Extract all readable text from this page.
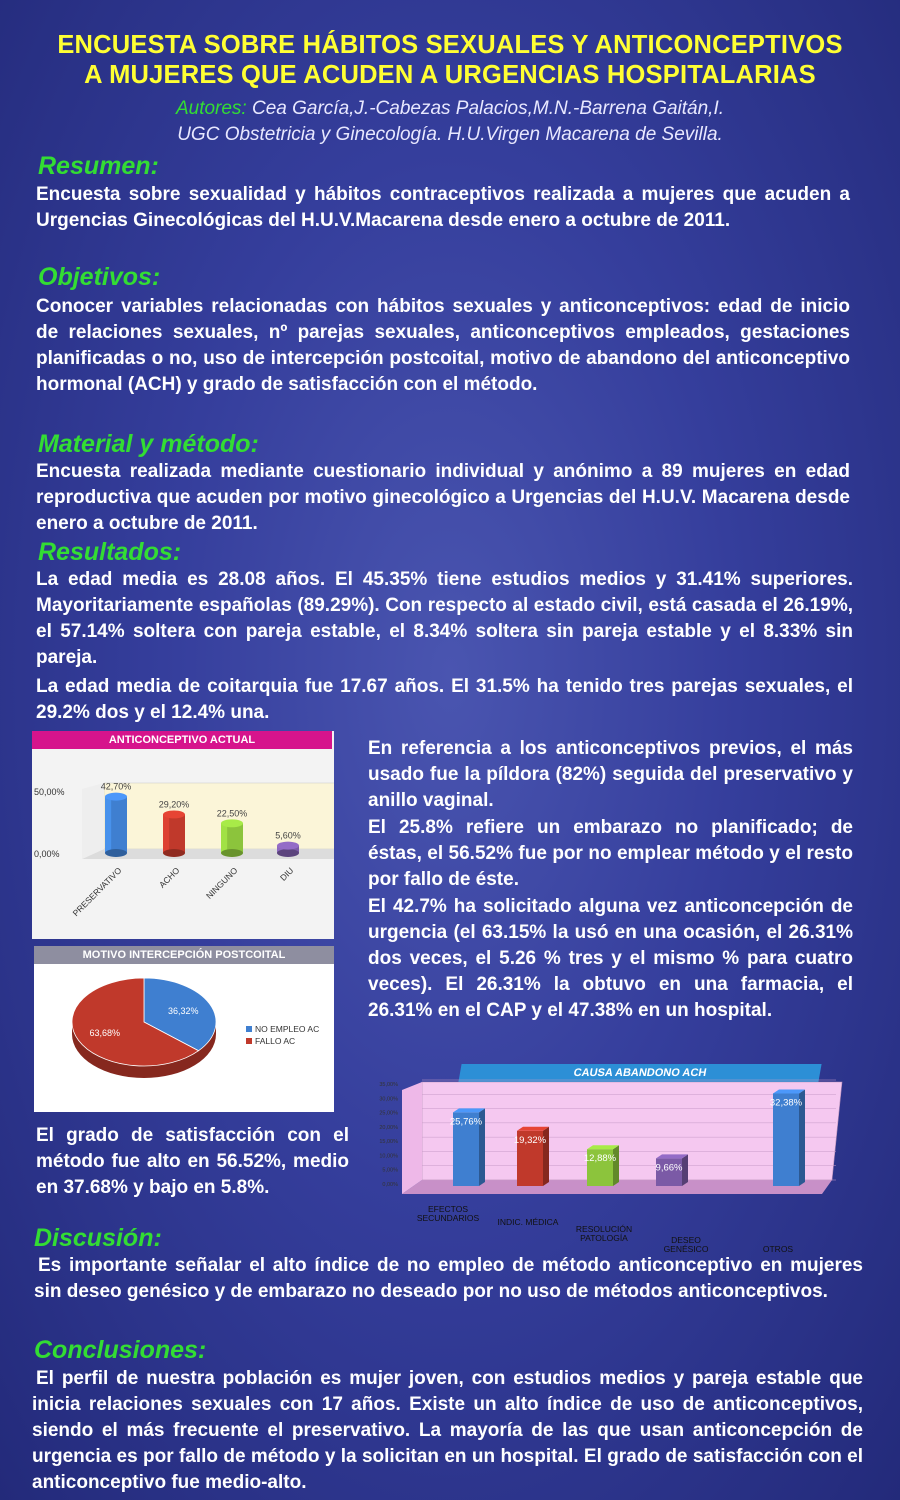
ENCUESTA SOBRE HÁBITOS SEXUALES Y ANTICONCEPTIVOS
A MUJERES QUE ACUDEN A URGENCIAS HOSPITALARIAS
Autores: Cea García,J.-Cabezas Palacios,M.N.-Barrena Gaitán,I.
UGC Obstetricia y Ginecología. H.U.Virgen Macarena de Sevilla.
Resumen:
Encuesta sobre sexualidad y hábitos contraceptivos realizada a mujeres que acuden a Urgencias Ginecológicas del H.U.V.Macarena desde enero a octubre de 2011.
Objetivos:
Conocer variables relacionadas con hábitos sexuales y anticonceptivos: edad de inicio de relaciones sexuales, nº parejas sexuales, anticonceptivos empleados, gestaciones planificadas o no, uso de intercepción postcoital, motivo de abandono del anticonceptivo hormonal (ACH) y grado de satisfacción con el método.
Material y método:
Encuesta realizada mediante cuestionario individual y anónimo a 89 mujeres en edad reproductiva que acuden por motivo ginecológico a Urgencias del H.U.V. Macarena desde enero a octubre de 2011.
Resultados:
La edad media es 28.08 años. El 45.35% tiene estudios medios y 31.41% superiores. Mayoritariamente españolas (89.29%). Con respecto al estado civil, está casada el 26.19%, el 57.14% soltera con pareja estable, el 8.34% soltera sin pareja estable y el 8.33% sin pareja.
La edad media de coitarquia fue 17.67 años. El 31.5% ha tenido tres parejas sexuales, el 29.2% dos y el 12.4% una.
ANTICONCEPTIVO ACTUAL
0,00%
50,00%
42,70%
PRESERVATIVO
29,20%
ACHO
22,50%
NINGUNO
5,60%
DIU
MOTIVO INTERCEPCIÓN POSTCOITAL
36,32%
63,68%	NO EMPLEO AC
FALLO AC
En referencia a los anticonceptivos previos, el más usado fue la píldora (82%) seguida del preservativo y anillo vaginal.
El 25.8% refiere un embarazo no planificado; de éstas, el 56.52% fue por no emplear método y el resto por fallo de éste.
El 42.7% ha solicitado alguna vez anticoncepción de urgencia (el 63.15% la usó en una ocasión, el 26.31% dos veces, el 5.26 % tres y el mismo % para cuatro veces). El 26.31% la obtuvo en una farmacia, el 26.31% en el CAP y el 47.38% en un hospital.
El grado de satisfacción con el método fue alto en 56.52%, medio en 37.68% y bajo en 5.8%.
CAUSA ABANDONO ACH
0,00%
5,00%
10,00%
15,00%
20,00%
25,00%
30,00%
35,00%
25,76%
19,32%
12,88%
9,66%
32,38%
EFECTOS SECUNDARIOS INDIC. MÉDICA
RESOLUCIÓN PATOLOGÍA	DESEO GENÉSICO	OTROS
Discusión:
Es importante señalar el alto índice de no empleo de método anticonceptivo en mujeres sin deseo genésico y de embarazo no deseado por no uso de métodos anticonceptivos.
Conclusiones:
El perfil de nuestra población es mujer joven, con estudios medios y pareja estable que inicia relaciones sexuales con 17 años. Existe un alto índice de uso de anticonceptivos, siendo el más frecuente el preservativo. La mayoría de las que usan anticoncepción de urgencia es por fallo de método y la solicitan en un hospital. El grado de satisfacción con el anticonceptivo fue medio-alto.
